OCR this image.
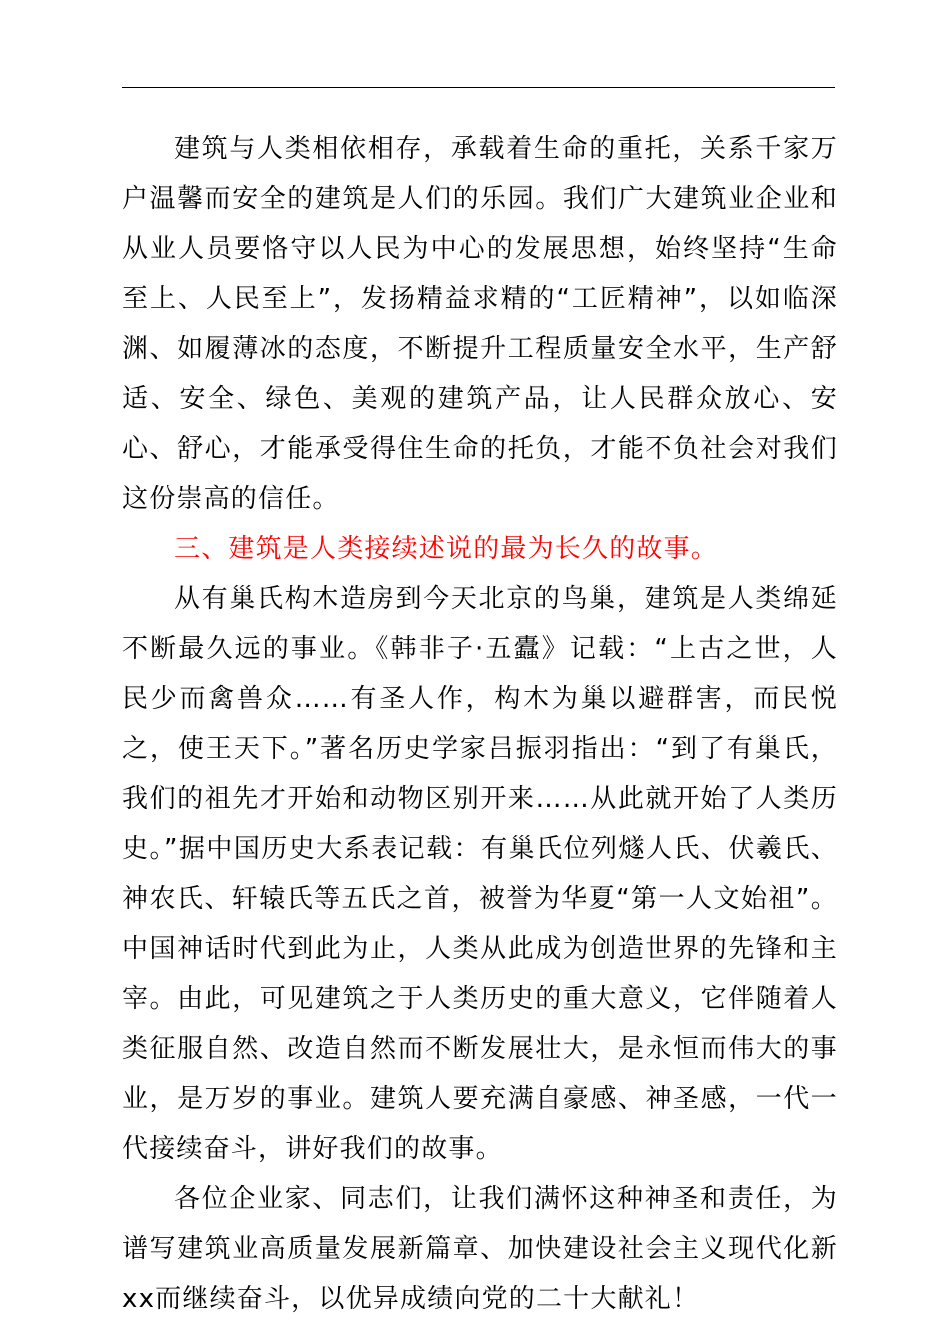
建筑与人类相依相存，承载着生命的重托，关系千家万户温馨而安全的建筑是人们的乐园。我们广大建筑业企业和从业人员要恪守以人民为中心的发展思想，始终坚持“生命至上、人民至上”，发扬精益求精的“工匠精神”，以如临深渊、如履薄冰的态度，不断提升工程质量安全水平，生产舒适、安全、绿色、美观的建筑产品，让人民群众放心、安心、舒心，才能承受得住生命的托负，才能不负社会对我们这份崇高的信任。

三、建筑是人类接续述说的最为长久的故事。

从有巢氏构木造房到今天北京的鸟巢，建筑是人类绵延不断最久远的事业。《韩非子·五蠹》记载：“上古之世，人民少而禽兽众……有圣人作，构木为巢以避群害，而民悦之，使王天下。”著名历史学家吕振羽指出：“到了有巢氏，我们的祖先才开始和动物区别开来……从此就开始了人类历史。”据中国历史大系表记载：有巢氏位列燧人氏、伏羲氏、神农氏、轩辕氏等五氏之首，被誉为华夏“第一人文始祖”。中国神话时代到此为止，人类从此成为创造世界的先锋和主宰。由此，可见建筑之于人类历史的重大意义，它伴随着人类征服自然、改造自然而不断发展壮大，是永恒而伟大的事业，是万岁的事业。建筑人要充满自豪感、神圣感，一代一代接续奋斗，讲好我们的故事。

各位企业家、同志们，让我们满怀这种神圣和责任，为谱写建筑业高质量发展新篇章、加快建设社会主义现代化新xx而继续奋斗，以优异成绩向党的二十大献礼！
